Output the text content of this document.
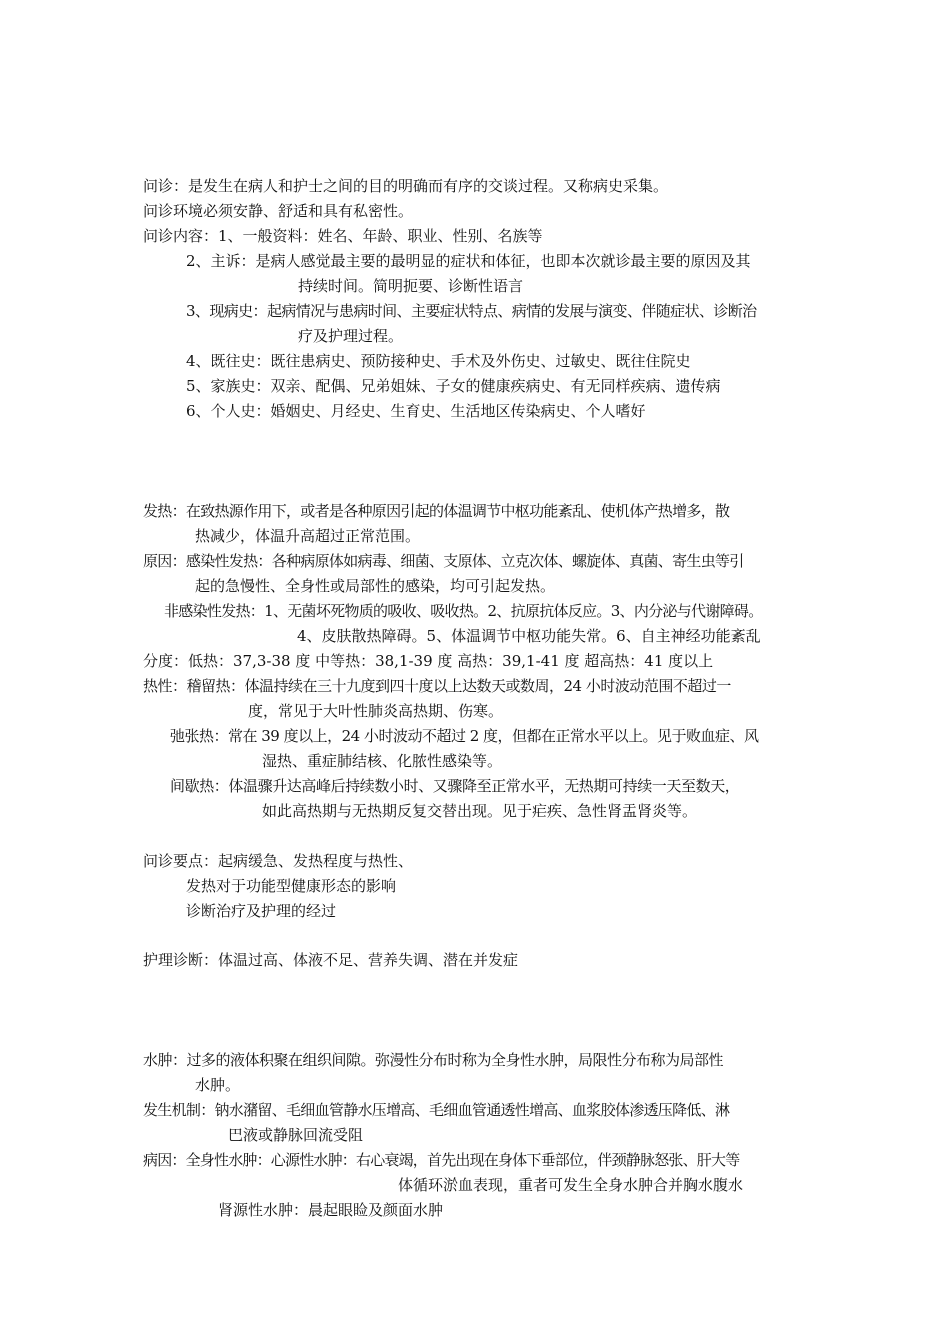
问诊：是发生在病人和护士之间的目的明确而有序的交谈过程。又称病史采集。
问诊环境必须安静、舒适和具有私密性。
问诊内容：1、一般资料：姓名、年龄、职业、性别、名族等
2、主诉：是病人感觉最主要的最明显的症状和体征，也即本次就诊最主要的原因及其
持续时间。简明扼要、诊断性语言
3、现病史：起病情况与患病时间、主要症状特点、病情的发展与演变、伴随症状、诊断治
疗及护理过程。
4、既往史：既往患病史、预防接种史、手术及外伤史、过敏史、既往住院史
5、家族史：双亲、配偶、兄弟姐妹、子女的健康疾病史、有无同样疾病、遗传病
6、个人史：婚姻史、月经史、生育史、生活地区传染病史、个人嗜好
发热：在致热源作用下，或者是各种原因引起的体温调节中枢功能紊乱、使机体产热增多，散
热减少，体温升高超过正常范围。
原因：感染性发热：各种病原体如病毒、细菌、支原体、立克次体、螺旋体、真菌、寄生虫等引
起的急慢性、全身性或局部性的感染，均可引起发热。
非感染性发热：1、无菌坏死物质的吸收、吸收热。2、抗原抗体反应。3、内分泌与代谢障碍。
4、皮肤散热障碍。5、体温调节中枢功能失常。6、自主神经功能紊乱
分度：低热：37,3-38 度 中等热：38,1-39 度 高热：39,1-41 度 超高热：41 度以上
热性：稽留热：体温持续在三十九度到四十度以上达数天或数周，24 小时波动范围不超过一
度，常见于大叶性肺炎高热期、伤寒。
弛张热：常在 39 度以上，24 小时波动不超过 2 度，但都在正常水平以上。见于败血症、风
湿热、重症肺结核、化脓性感染等。
间歇热：体温骤升达高峰后持续数小时、又骤降至正常水平，无热期可持续一天至数天，
如此高热期与无热期反复交替出现。见于疟疾、急性肾盂肾炎等。
问诊要点：起病缓急、发热程度与热性、
发热对于功能型健康形态的影响
诊断治疗及护理的经过
护理诊断：体温过高、体液不足、营养失调、潜在并发症
水肿：过多的液体积聚在组织间隙。弥漫性分布时称为全身性水肿，局限性分布称为局部性
水肿。
发生机制：钠水潴留、毛细血管静水压增高、毛细血管通透性增高、血浆胶体渗透压降低、淋
巴液或静脉回流受阻
病因：全身性水肿：心源性水肿：右心衰竭，首先出现在身体下垂部位，伴颈静脉怒张、肝大等
体循环淤血表现，重者可发生全身水肿合并胸水腹水
肾源性水肿：晨起眼睑及颜面水肿
